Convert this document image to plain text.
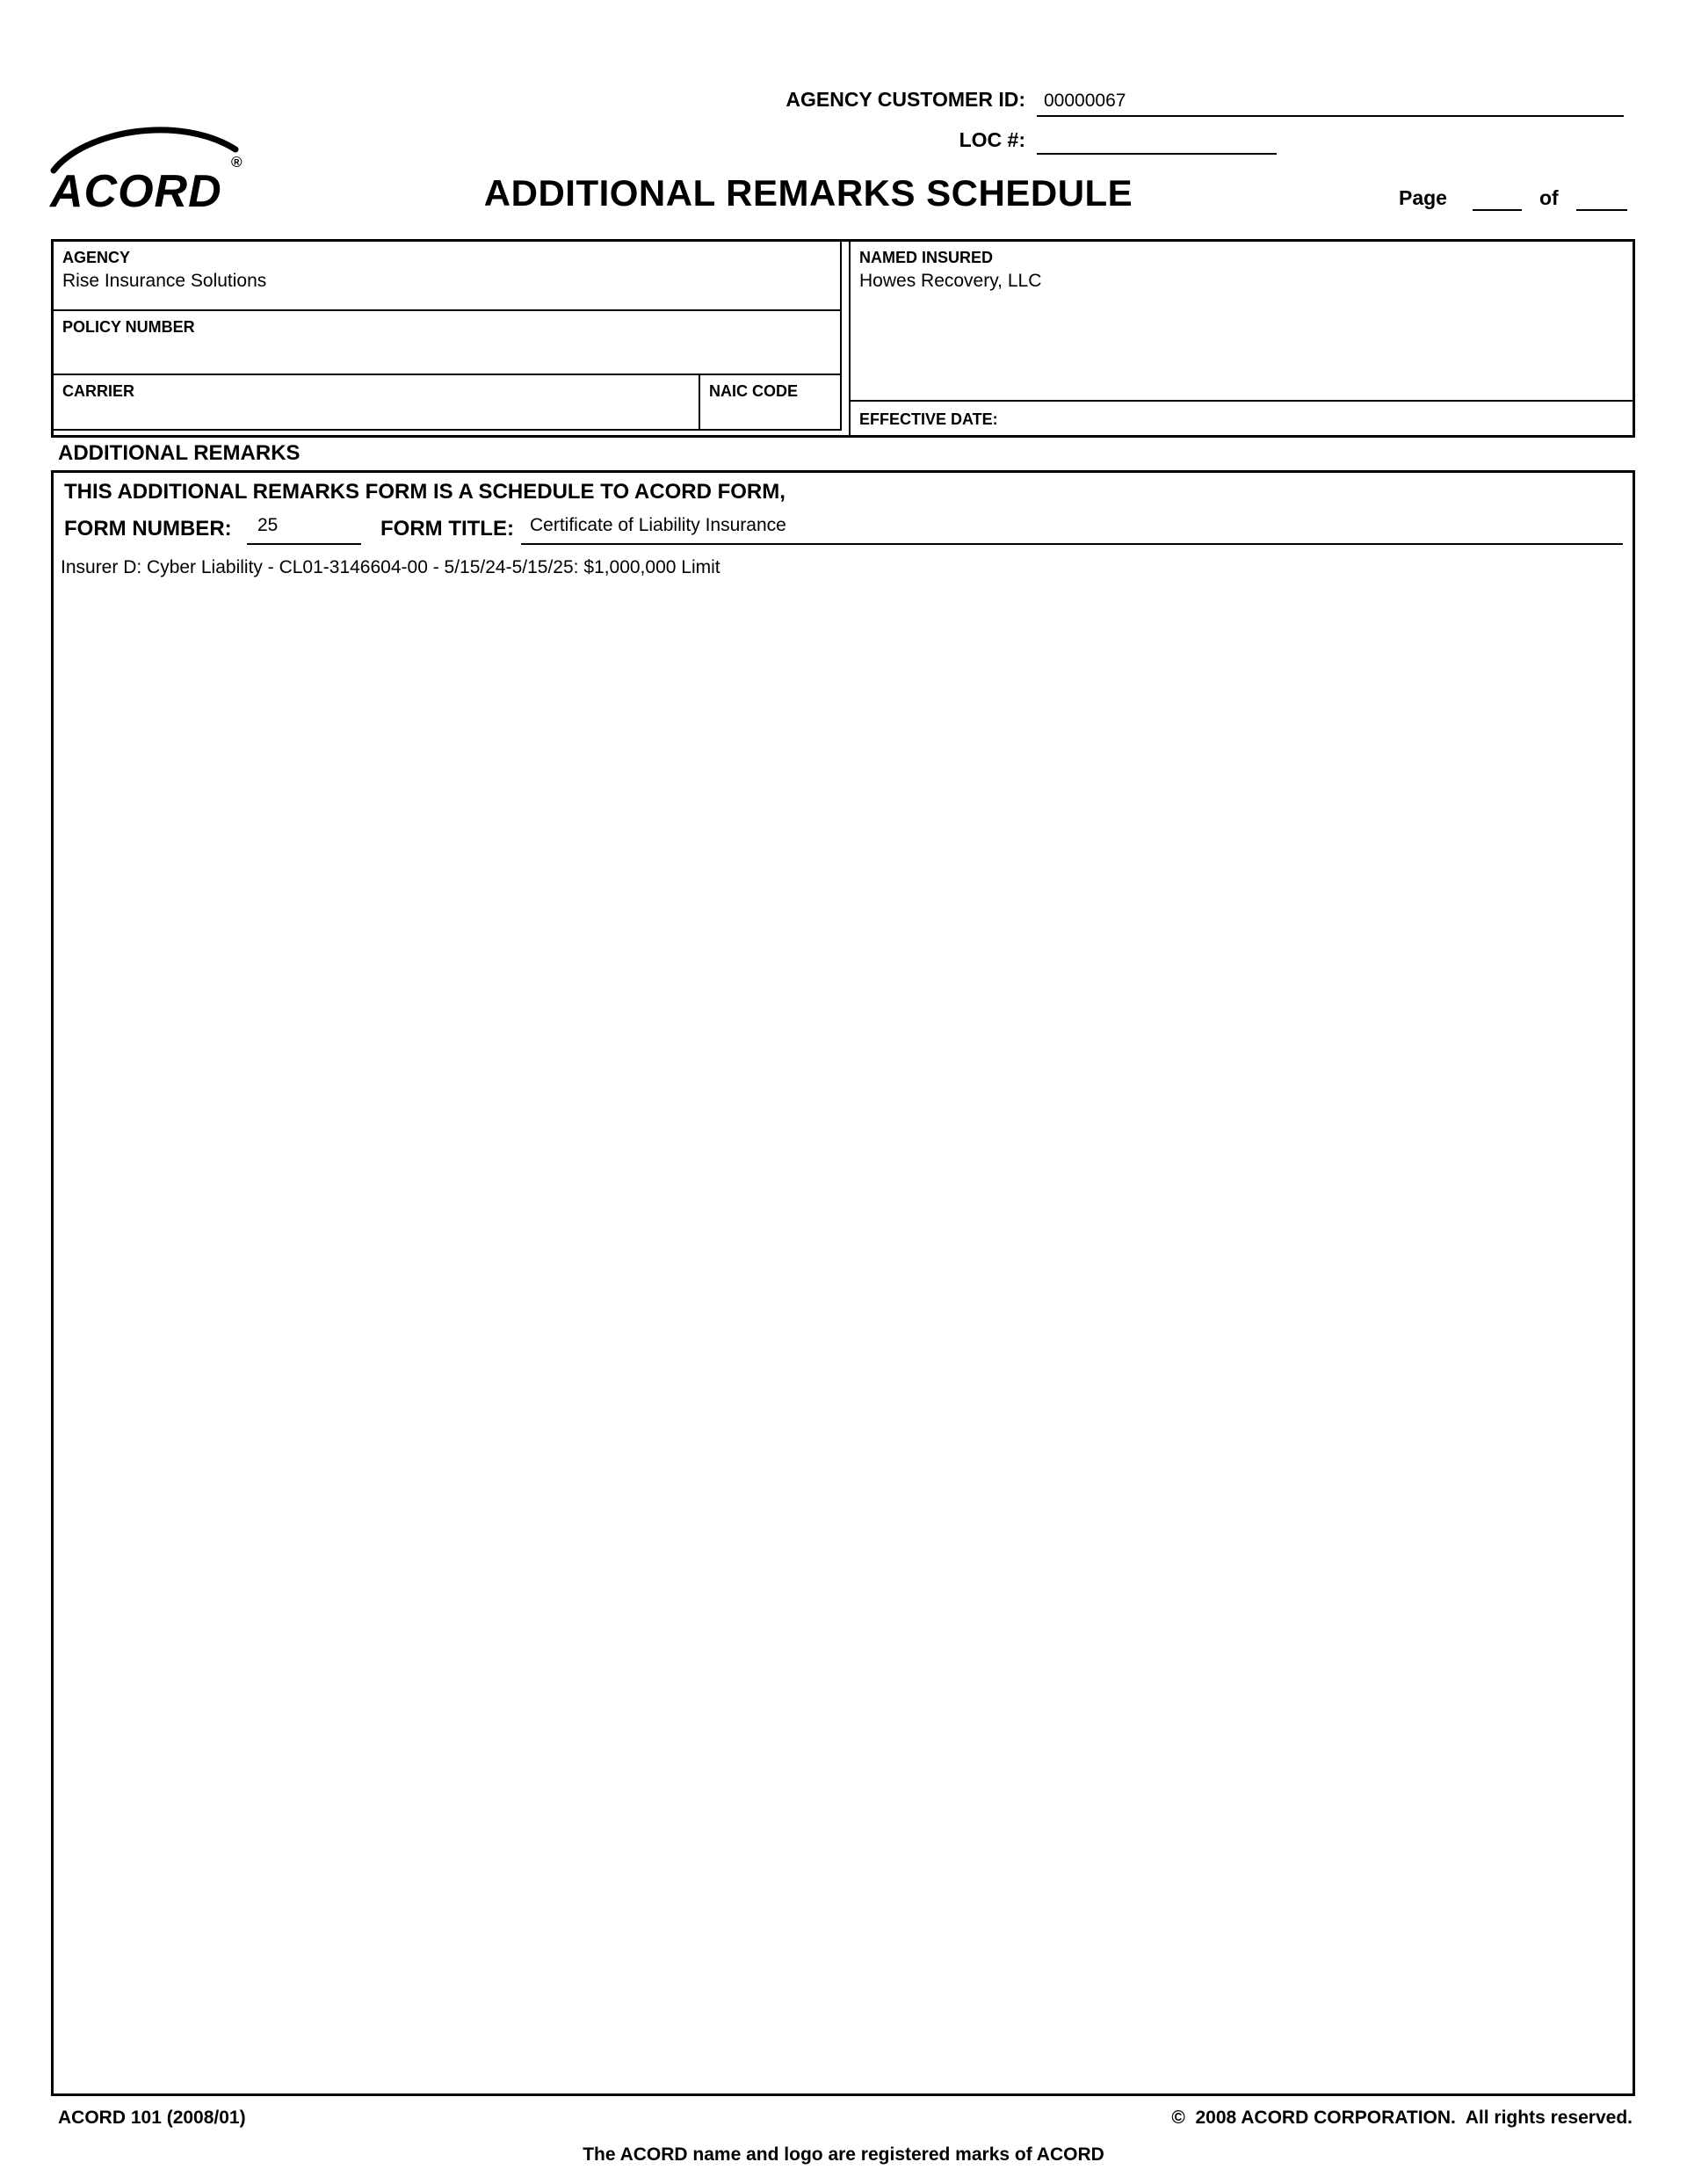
ACORD
®
AGENCY CUSTOMER ID:	00000067
LOC #:
ADDITIONAL REMARKS SCHEDULE	Page	of
AGENCY
Rise Insurance Solutions
POLICY NUMBER
CARRIER	NAIC CODE
NAMED INSURED
Howes Recovery, LLC
EFFECTIVE DATE:
ADDITIONAL REMARKS
THIS ADDITIONAL REMARKS FORM IS A SCHEDULE TO ACORD FORM,
FORM NUMBER:	25	FORM TITLE: Certificate of Liability Insurance
Insurer D: Cyber Liability - CL01-3146604-00 - 5/15/24-5/15/25: $1,000,000 Limit
ACORD 101 (2008/01)	©  2008 ACORD CORPORATION.  All rights reserved.
The ACORD name and logo are registered marks of ACORD
